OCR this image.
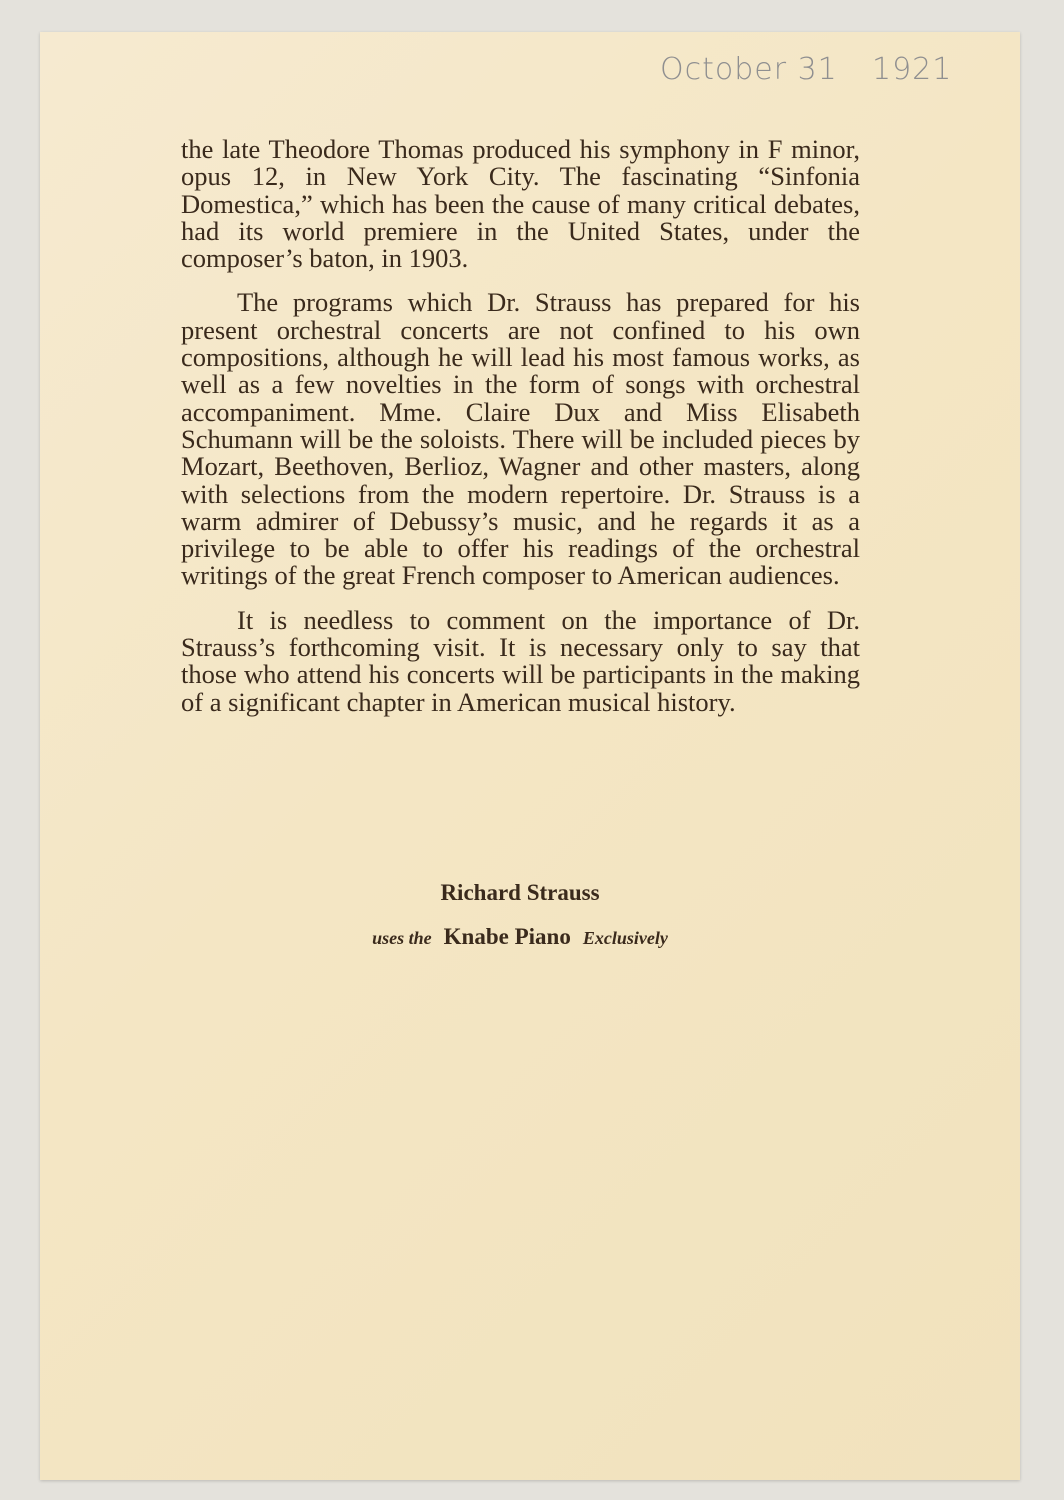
October 31 1921

the late Theodore Thomas produced his symphony in F minor, opus 12, in New York City. The fascinating “Sinfonia Domestica,” which has been the cause of many critical debates, had its world premiere in the United States, under the composer’s baton, in 1903.

The programs which Dr. Strauss has prepared for his present orchestral concerts are not confined to his own compositions, although he will lead his most famous works, as well as a few novelties in the form of songs with orchestral accompaniment. Mme. Claire Dux and Miss Elisabeth Schumann will be the soloists. There will be included pieces by Mozart, Beethoven, Berlioz, Wagner and other masters, along with selections from the modern repertoire. Dr. Strauss is a warm admirer of Debussy’s music, and he regards it as a privilege to be able to offer his readings of the orchestral writings of the great French composer to American audiences.

It is needless to comment on the importance of Dr. Strauss’s forthcoming visit. It is necessary only to say that those who attend his concerts will be participants in the making of a significant chapter in American musical history.

Richard Strauss
uses the Knabe Piano Exclusively
